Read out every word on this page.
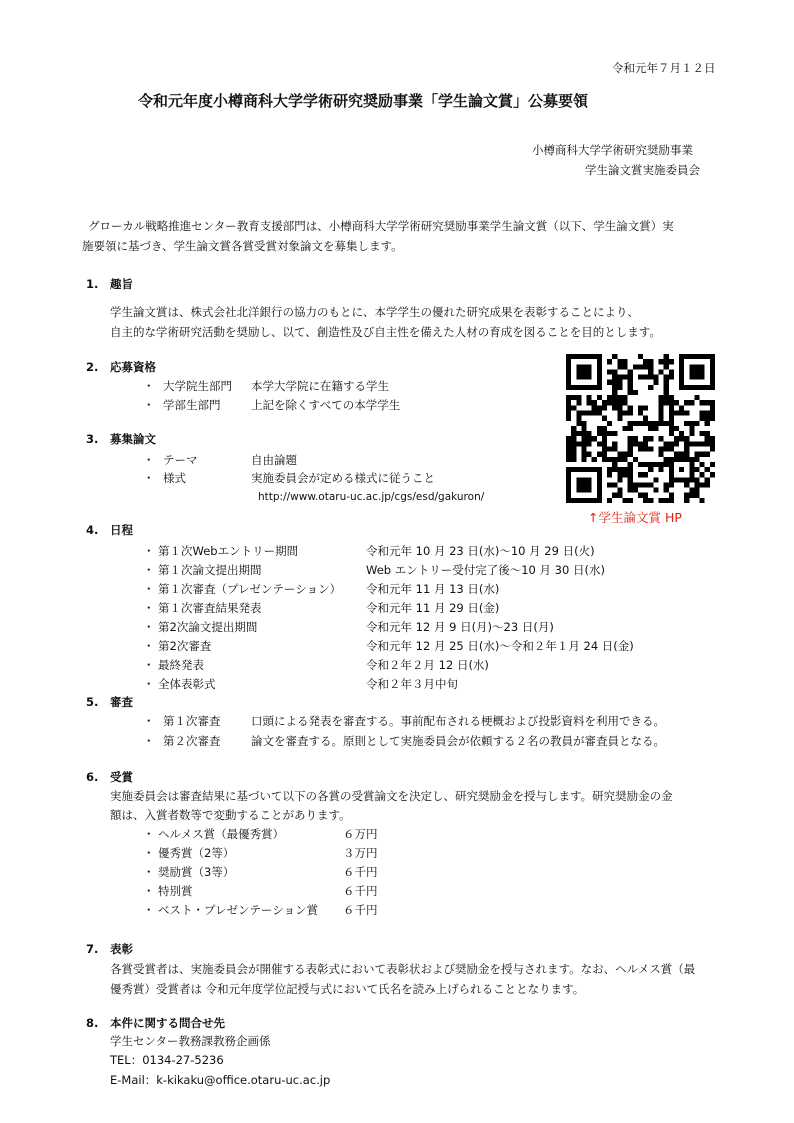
令和元年７月１２日
令和元年度小樽商科大学学術研究奨励事業「学生論文賞」公募要領
小樽商科大学学術研究奨励事業
学生論文賞実施委員会
グローカル戦略推進センター教育支援部門は、小樽商科大学学術研究奨励事業学生論文賞（以下、学生論文賞）実
施要領に基づき、学生論文賞各賞受賞対象論文を募集します。
1. 趣旨
学生論文賞は、株式会社北洋銀行の協力のもとに、本学学生の優れた研究成果を表彰することにより、
自主的な学術研究活動を奨励し、以て、創造性及び自主性を備えた人材の育成を図ることを目的とします。
2. 応募資格
・ 大学院生部門 本学大学院に在籍する学生
・ 学部生部門	上記を除くすべての本学学生
3. 募集論文
・ テーマ	自由論題
・ 様式	実施委員会が定める様式に従うこと
http://www.otaru-uc.ac.jp/cgs/esd/gakuron/
↑学生論文賞 HP
4. 日程
・ 第１次Webエントリー期間	令和元年 10 月 23 日(水)～10 月 29 日(火)
・ 第１次論文提出期間	Web エントリー受付完了後～10 月 30 日(水)
・ 第１次審査（プレゼンテーション） 令和元年 11 月 13 日(水)
・ 第１次審査結果発表	令和元年 11 月 29 日(金)
・ 第2次論文提出期間	令和元年 12 月 9 日(月)～23 日(月)
・ 第2次審査	令和元年 12 月 25 日(水)～令和２年１月 24 日(金)
・ 最終発表	令和２年２月 12 日(水)
・ 全体表彰式	令和２年３月中旬
5. 審査
・ 第１次審査	口頭による発表を審査する。事前配布される梗概および投影資料を利用できる。
・ 第２次審査	論文を審査する。原則として実施委員会が依頼する２名の教員が審査員となる。
6. 受賞
実施委員会は審査結果に基づいて以下の各賞の受賞論文を決定し、研究奨励金を授与します。研究奨励金の金
額は、入賞者数等で変動することがあります。
・ ヘルメス賞（最優秀賞）	６万円
・ 優秀賞（2等）	３万円
・ 奨励賞（3等）	６千円
・ 特別賞	６千円
・ ベスト・プレゼンテーション賞 ６千円
7. 表彰
各賞受賞者は、実施委員会が開催する表彰式において表彰状および奨励金を授与されます。なお、ヘルメス賞（最
優秀賞）受賞者は 令和元年度学位記授与式において氏名を読み上げられることとなります。
8. 本件に関する問合せ先
学生センター教務課教務企画係
TEL：0134-27-5236
E-Mail：k-kikaku@office.otaru-uc.ac.jp
